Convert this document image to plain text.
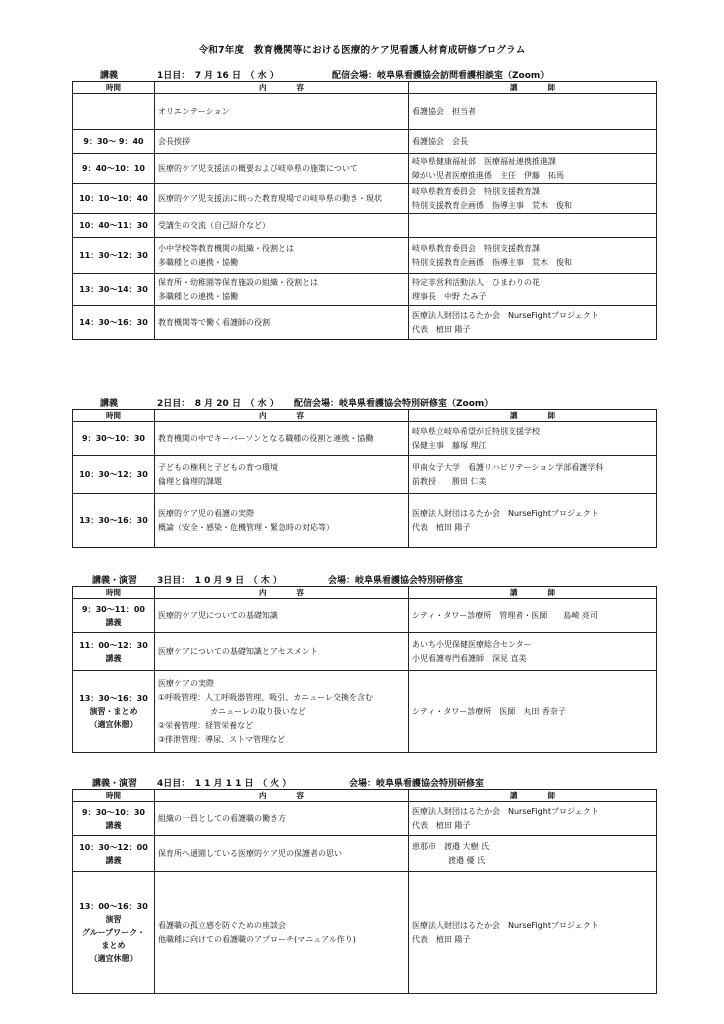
令和7年度　教育機関等における医療的ケア児看護人材育成研修プログラム
講義	1日目：　7 月 16 日　（ 水 ）	配信会場：岐阜県看護協会訪問看護相談室（Zoom）
時間	内　　　　容	講　　　　師

	オリエンテーション	看護協会　担当者

9：30～ 9：40	会長挨拶	看護協会　会長

9：40～10：10	医療的ケア児支援法の概要および岐阜県の施策について	岐阜県健康福祉部　医療福祉連携推進課
障がい児者医療推進係　主任　伊藤　拓馬

10：10～10：40	医療的ケア児支援法に則った教育現場での岐阜県の動き・現状	岐阜県教育委員会　特別支援教育課
特別支援教育企画係　指導主事　荒木　俊和

10：40～11：30	受講生の交流（自己紹介など）	

11：30～12：30	小中学校等教育機関の組織・役割とは
多職種との連携・協働	岐阜県教育委員会　特別支援教育課
特別支援教育企画係　指導主事　荒木　俊和

13：30～14：30	保育所・幼稚園等保育施設の組織・役割とは
多職種との連携・協働	特定非営利活動法人　ひまわりの花
理事長　中野 たみ子

14：30～16：30	教育機関等で働く看護師の役割	医療法人財団はるたか会　NurseFightプロジェクト
代表　植田 陽子
講義	2日目：　8 月 20 日　（ 水 ） 配信会場：岐阜県看護協会特別研修室（Zoom）
時間	内　　　　容	講　　　　師

9：30～10：30	教育機関の中でキーパーソンとなる職種の役割と連携・協働	岐阜県立岐阜希望が丘特別支援学校
保健主事　藤塚 理江

10：30～12：30	子どもの権利と子どもの育つ環境
倫理と倫理的課題	甲南女子大学　看護リハビリテーション学部看護学科
前教授　　勝田 仁美

13：30～16：30	医療的ケア児の看護の実際
概論（安全・感染・危機管理・緊急時の対応等）	医療法人財団はるたか会　NurseFightプロジェクト
代表　植田 陽子
講義・演習 3日目：　1 0 月 9 日　（ 木 ）	会場：岐阜県看護協会特別研修室
時間	内　　　　容	講　　　　師

9：30～11：00
講義	医療的ケア児についての基礎知識	シティ・タワー診療所　管理者・医師　　島崎 亮司

11：00～12：30
講義	医療ケアについての基礎知識とアセスメント	あいち小児保健医療総合センター
小児看護専門看護師　深見 直美

13：30～16：30
演習・まとめ
（適宜休憩）	医療ケアの実際
①呼吸管理：人工呼吸器管理、吸引、カニューレ交換を含む
カニューレの取り扱いなど
②栄養管理：経管栄養など
③排泄管理：導尿、ストマ管理など	シティ・タワー診療所　医師　丸田 香奈子
講義・演習 4日目：　1 1 月 1 1 日　（ 火 ）	会場：岐阜県看護協会特別研修室
時間	内　　　　容	講　　　　師

9：30～10：30
講義	組織の一員としての看護職の働き方	医療法人財団はるたか会　NurseFightプロジェクト
代表　植田 陽子

10：30～12：00
講義	保育所へ通園している医療的ケア児の保護者の思い	恵那市　渡邉 大樹 氏
渡邉 優 氏

13：00～16：30
演習
グループワーク・
まとめ
（適宜休憩）	看護職の孤立感を防ぐための座談会
他職種に向けての看護職のアプローチ(マニュアル作り)	医療法人財団はるたか会　NurseFightプロジェクト
代表　植田 陽子
